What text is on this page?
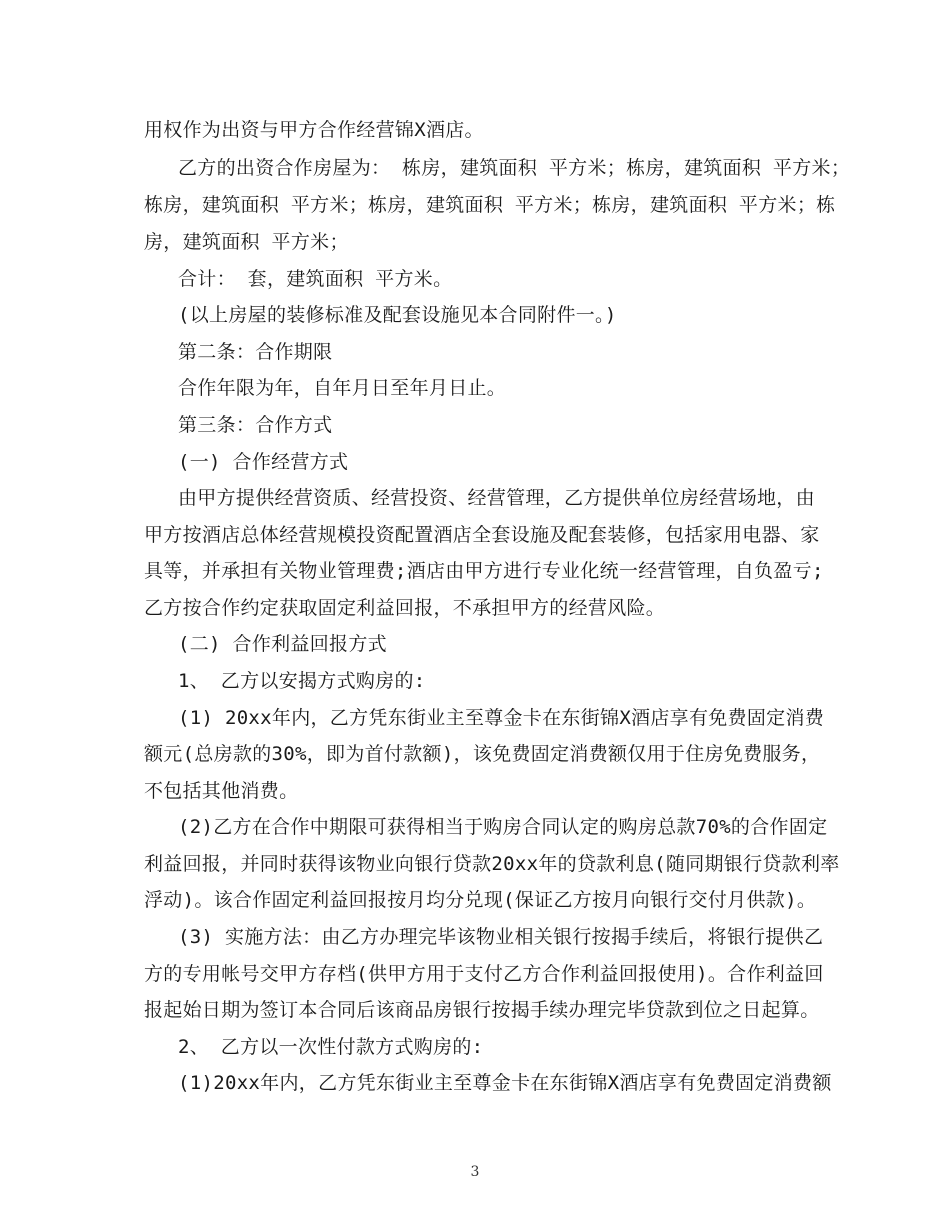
用权作为出资与甲方合作经营锦X酒店。
乙方的出资合作房屋为： 栋房，建筑面积 平方米；栋房，建筑面积 平方米；
栋房，建筑面积 平方米；栋房，建筑面积 平方米；栋房，建筑面积 平方米；栋
房，建筑面积 平方米；
合计： 套，建筑面积 平方米。
(以上房屋的装修标准及配套设施见本合同附件一。)
第二条：合作期限
合作年限为年，自年月日至年月日止。
第三条：合作方式
(一) 合作经营方式
由甲方提供经营资质、经营投资、经营管理，乙方提供单位房经营场地，由
甲方按酒店总体经营规模投资配置酒店全套设施及配套装修，包括家用电器、家
具等，并承担有关物业管理费;酒店由甲方进行专业化统一经营管理，自负盈亏;
乙方按合作约定获取固定利益回报，不承担甲方的经营风险。
(二) 合作利益回报方式
1、 乙方以安揭方式购房的:
(1) 20xx年内，乙方凭东街业主至尊金卡在东街锦X酒店享有免费固定消费
额元(总房款的30%，即为首付款额)，该免费固定消费额仅用于住房免费服务，
不包括其他消费。
(2)乙方在合作中期限可获得相当于购房合同认定的购房总款70%的合作固定
利益回报，并同时获得该物业向银行贷款20xx年的贷款利息(随同期银行贷款利率
浮动)。该合作固定利益回报按月均分兑现(保证乙方按月向银行交付月供款)。
(3) 实施方法：由乙方办理完毕该物业相关银行按揭手续后，将银行提供乙
方的专用帐号交甲方存档(供甲方用于支付乙方合作利益回报使用)。合作利益回
报起始日期为签订本合同后该商品房银行按揭手续办理完毕贷款到位之日起算。
2、 乙方以一次性付款方式购房的:
(1)20xx年内，乙方凭东街业主至尊金卡在东街锦X酒店享有免费固定消费额
3
